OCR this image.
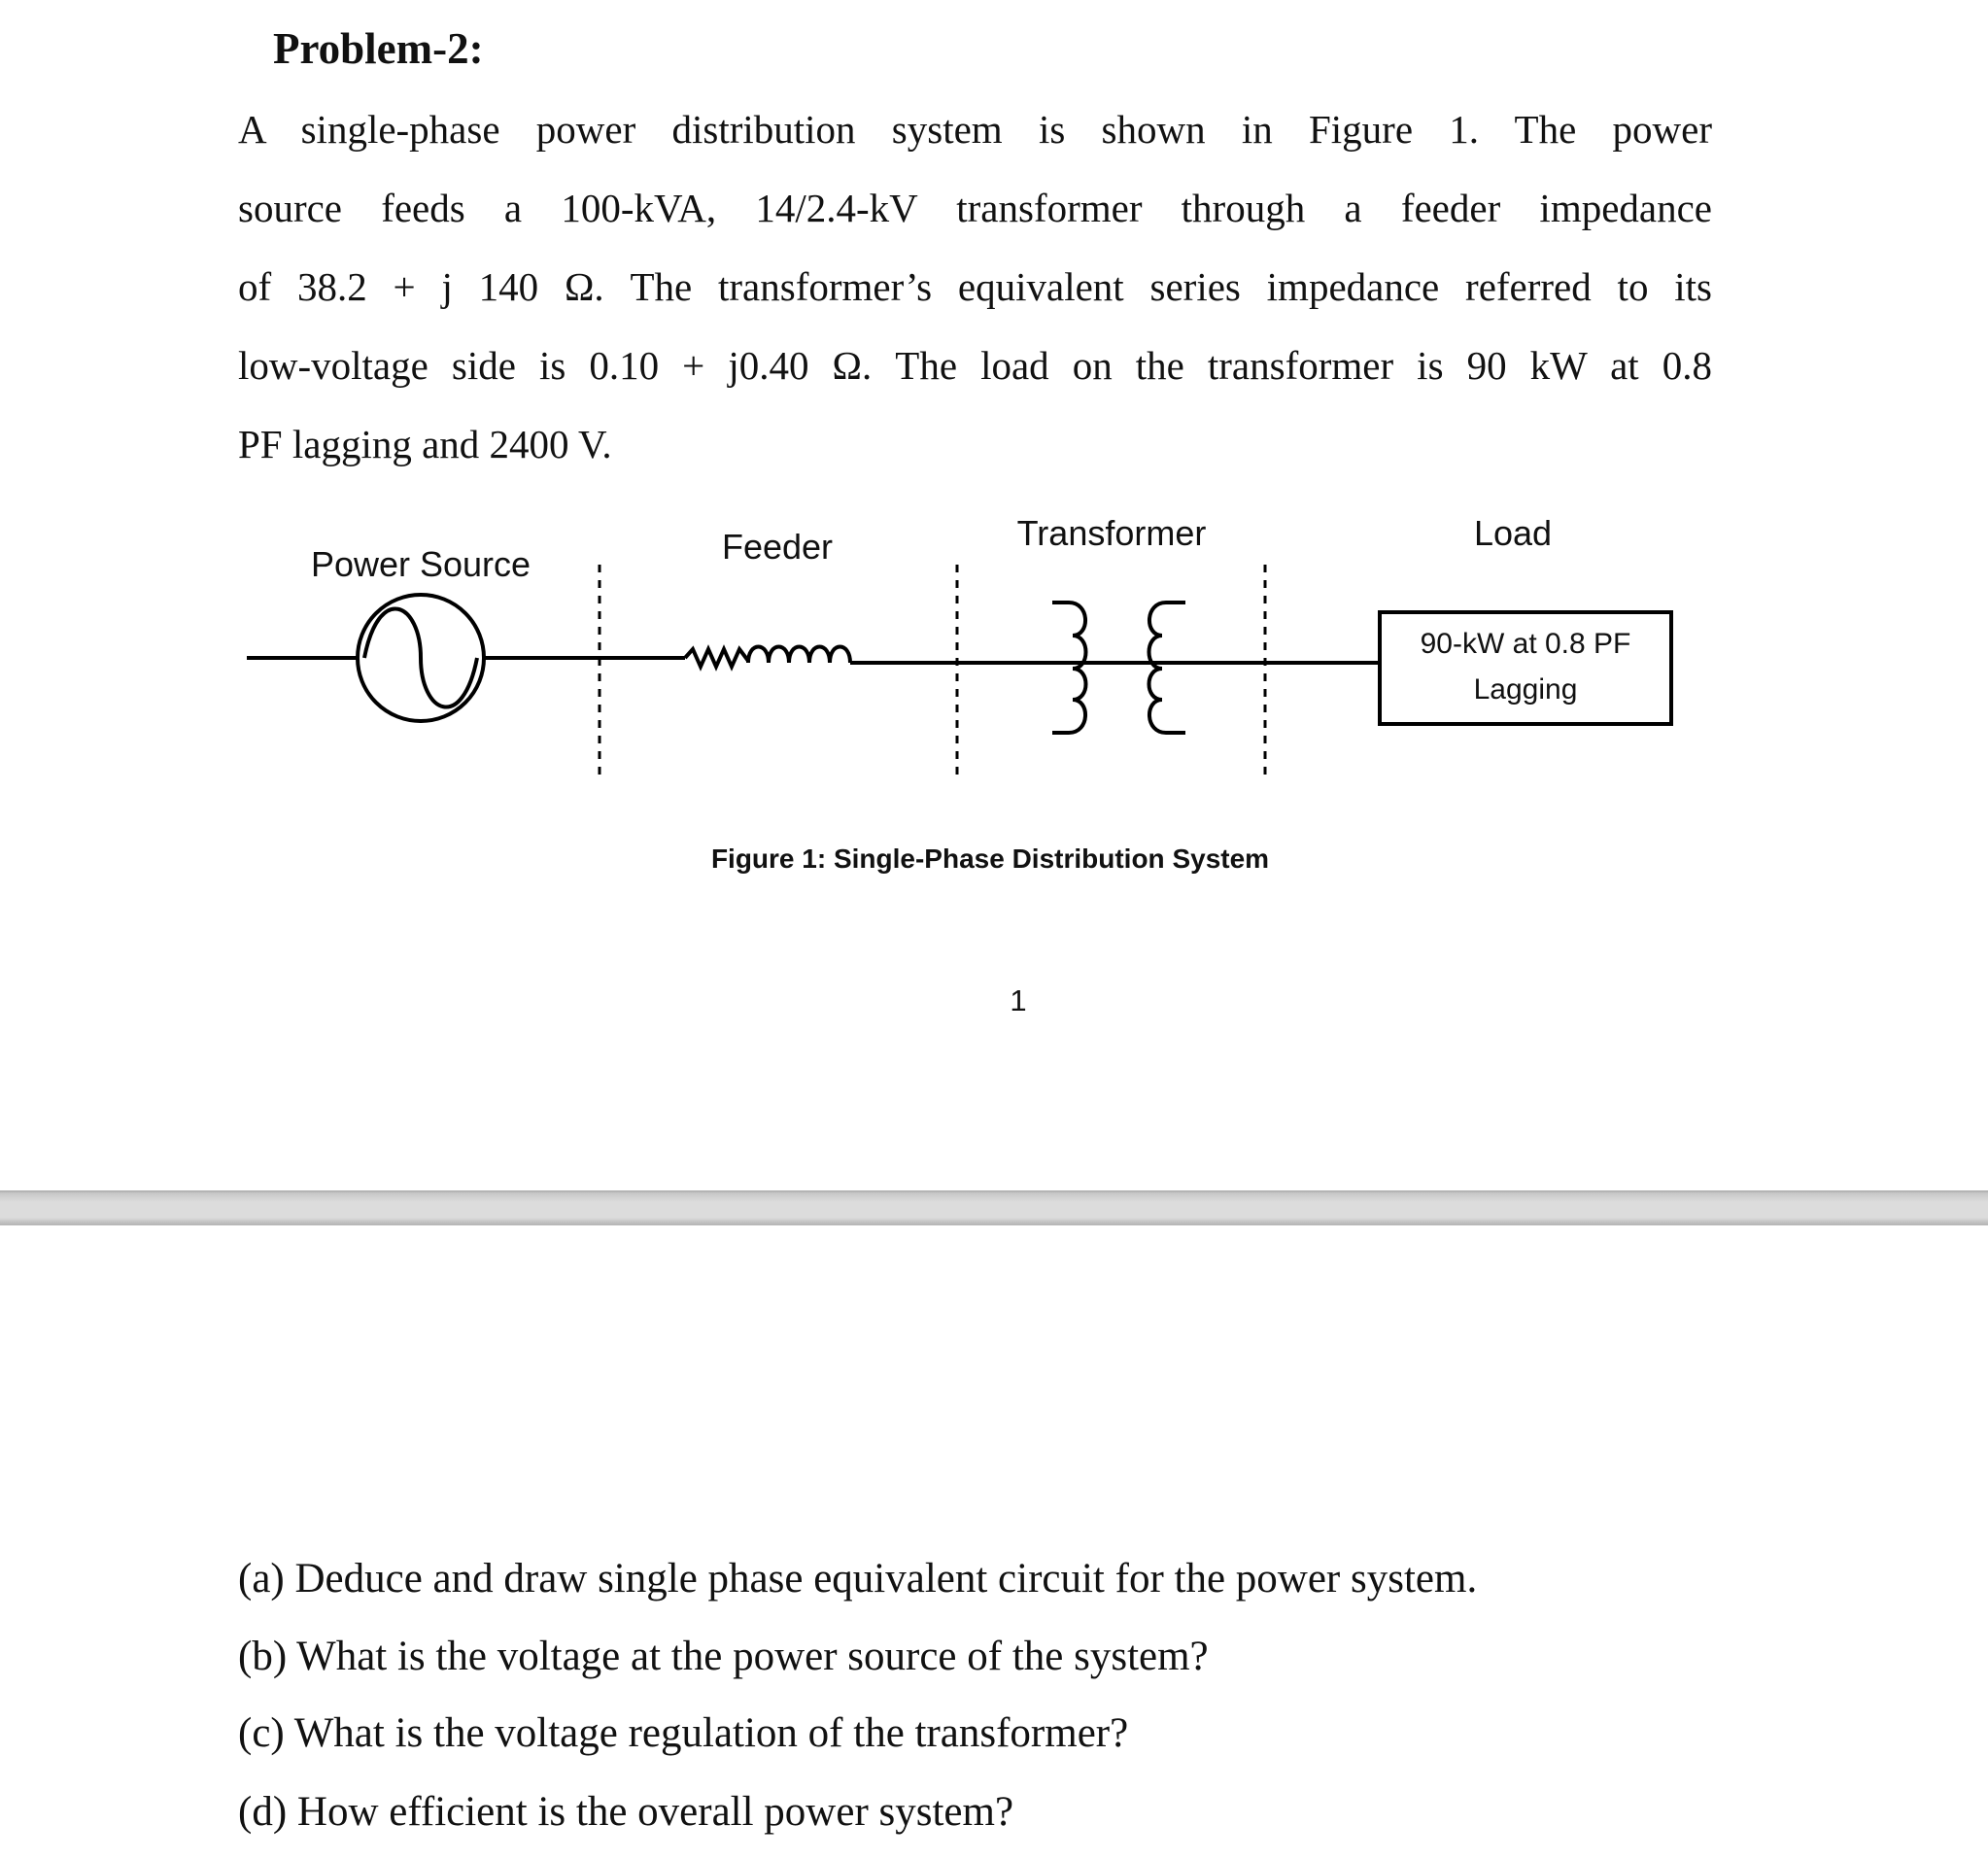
Problem-2:
A single-phase power distribution system is shown in Figure 1. The power
source feeds a 100-kVA, 14/2.4-kV transformer through a feeder impedance
of 38.2 + j 140 Ω. The transformer’s equivalent series impedance referred to its
low-voltage side is 0.10 + j0.40 Ω. The load on the transformer is 90 kW at 0.8
PF lagging and 2400 V.
Power Source	Feeder	Transformer	Load
90-kW at 0.8 PF
Lagging
Figure 1: Single-Phase Distribution System
1
(a) Deduce and draw single phase equivalent circuit for the power system.
(b) What is the voltage at the power source of the system?
(c) What is the voltage regulation of the transformer?
(d) How efficient is the overall power system?
